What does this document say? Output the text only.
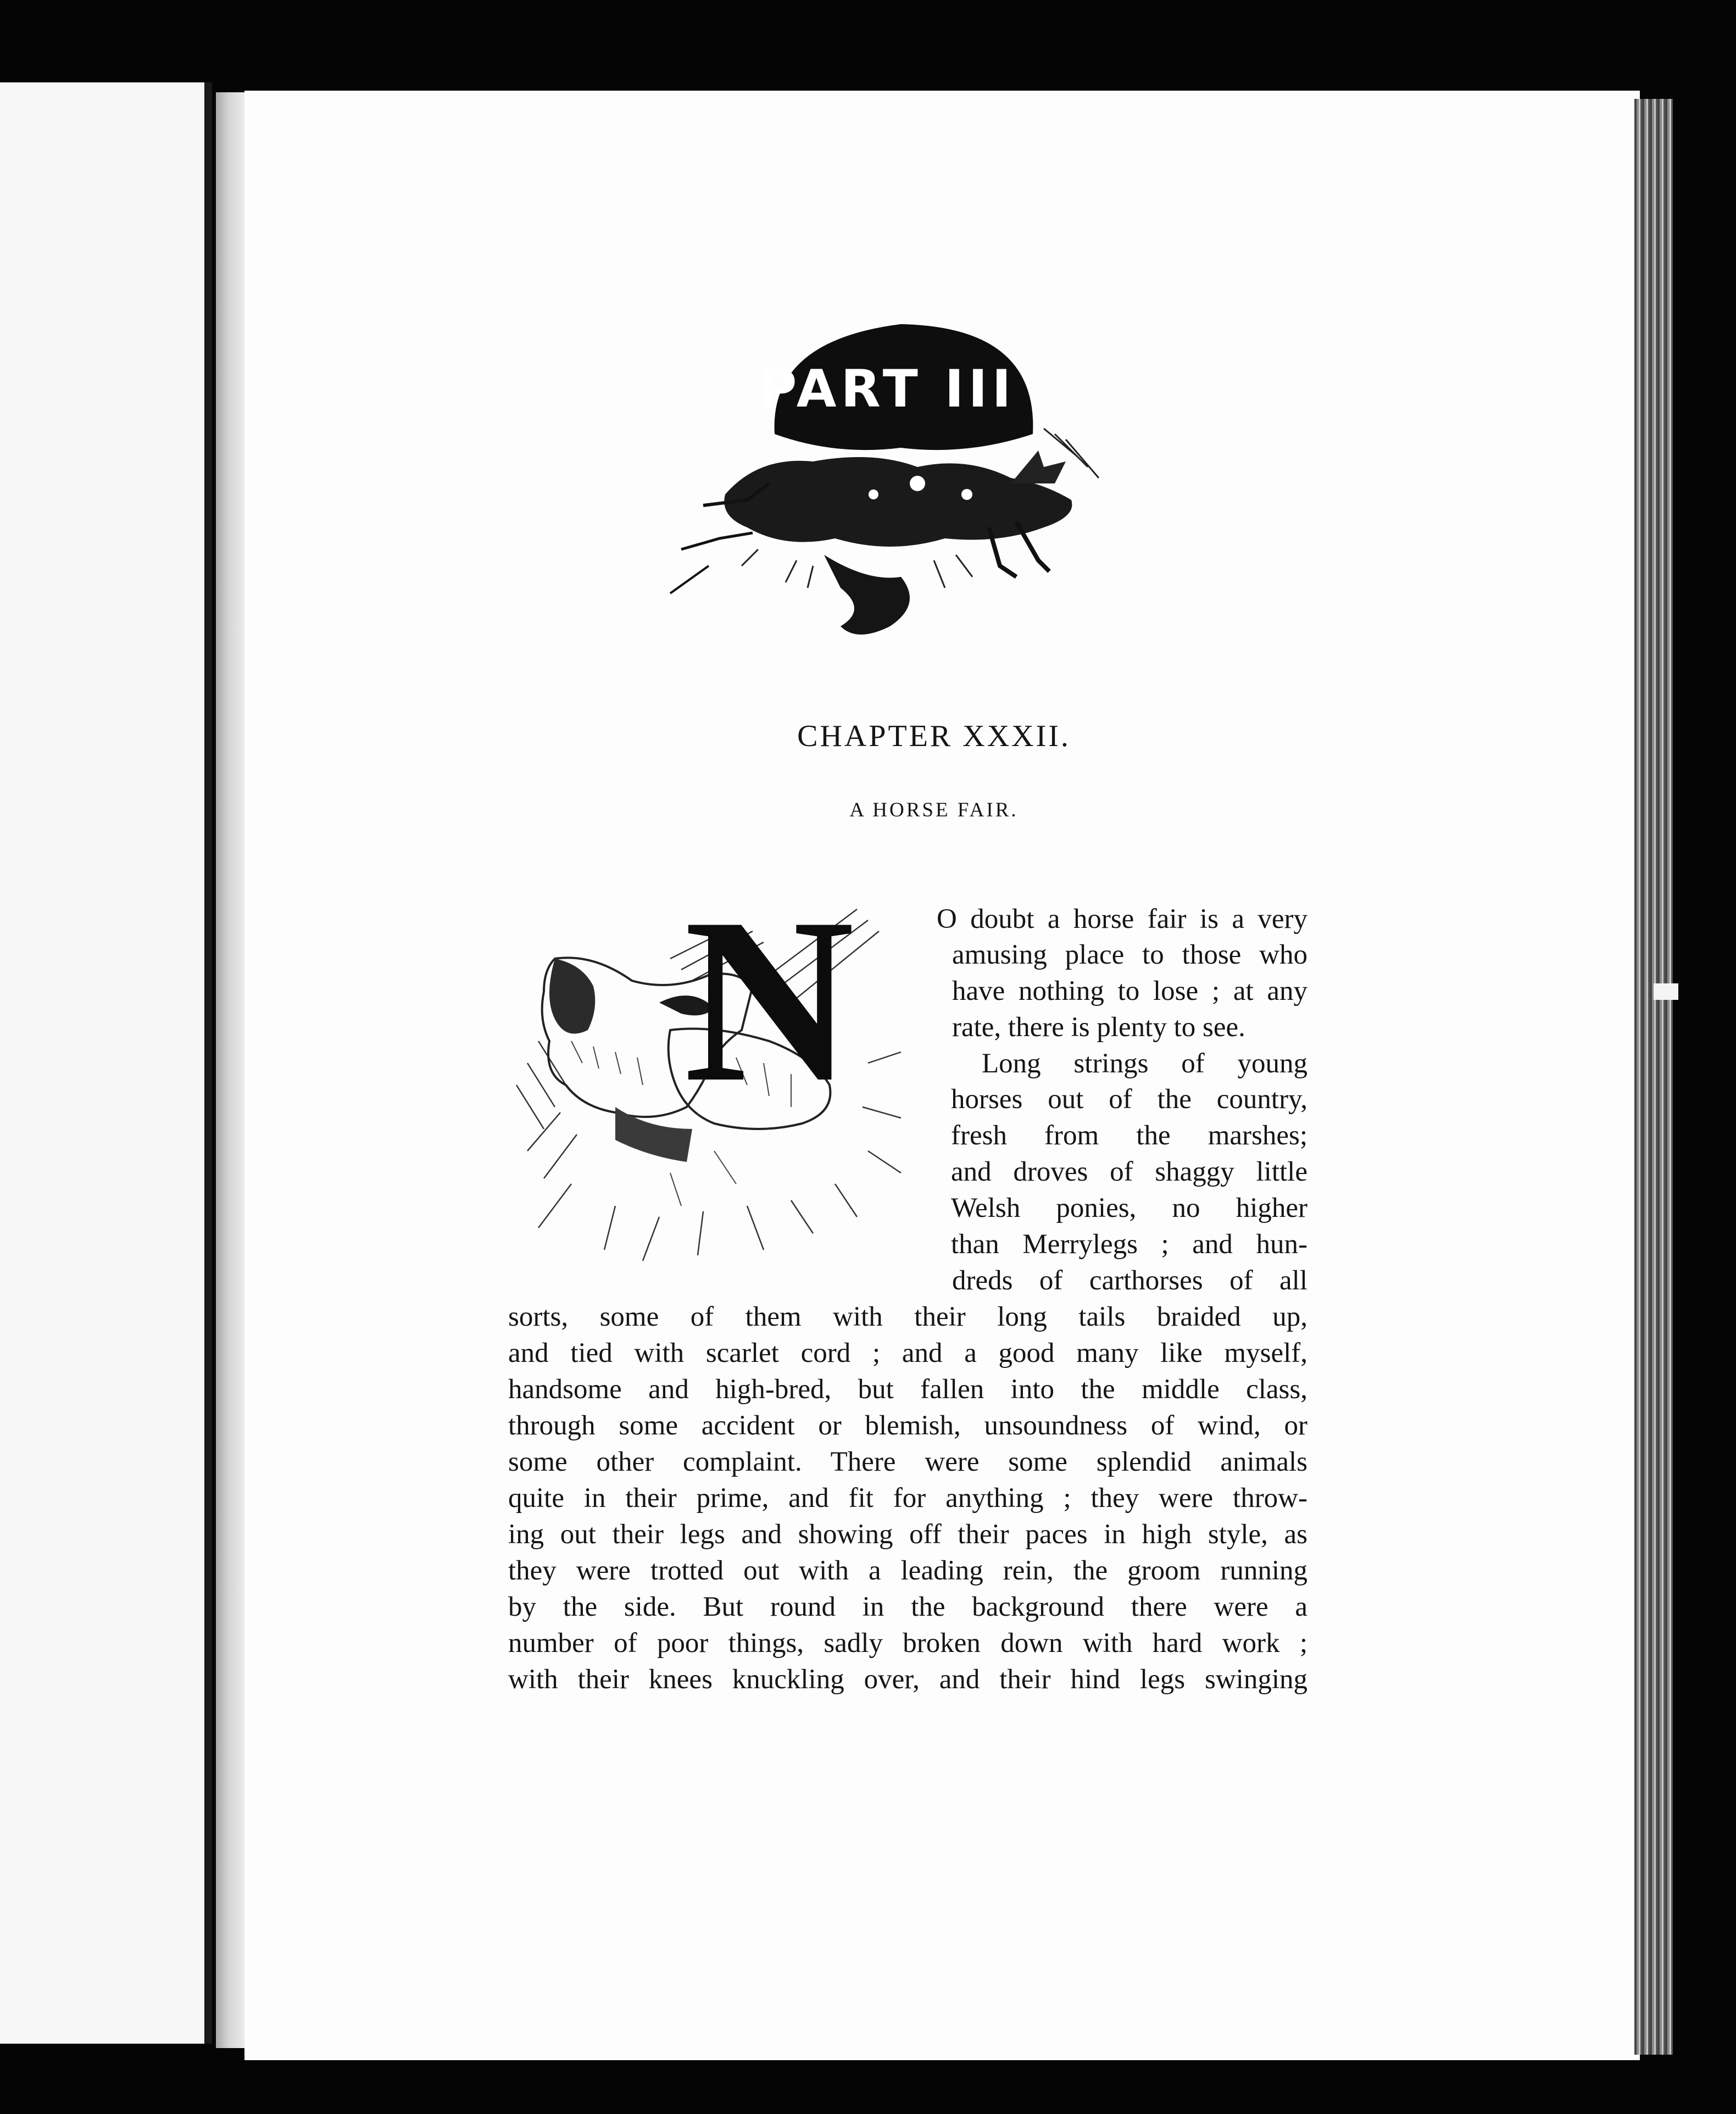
PART III
CHAPTER XXXII.
A HORSE FAIR.
N	O doubt a horse fair is a very
amusing place to those who
have nothing to lose ; at any
rate, there is plenty to see.
Long strings of young
horses out of the country,
fresh from the marshes;
and droves of shaggy little
Welsh ponies, no higher
than Merrylegs ; and hun-
dreds of carthorses of all
sorts, some of them with their long tails braided up,
and tied with scarlet cord ; and a good many like myself,
handsome and high-bred, but fallen into the middle class,
through some accident or blemish, unsoundness of wind, or
some other complaint. There were some splendid animals
quite in their prime, and fit for anything ; they were throw-
ing out their legs and showing off their paces in high style, as
they were trotted out with a leading rein, the groom running
by the side. But round in the background there were a
number of poor things, sadly broken down with hard work ;
with their knees knuckling over, and their hind legs swinging
